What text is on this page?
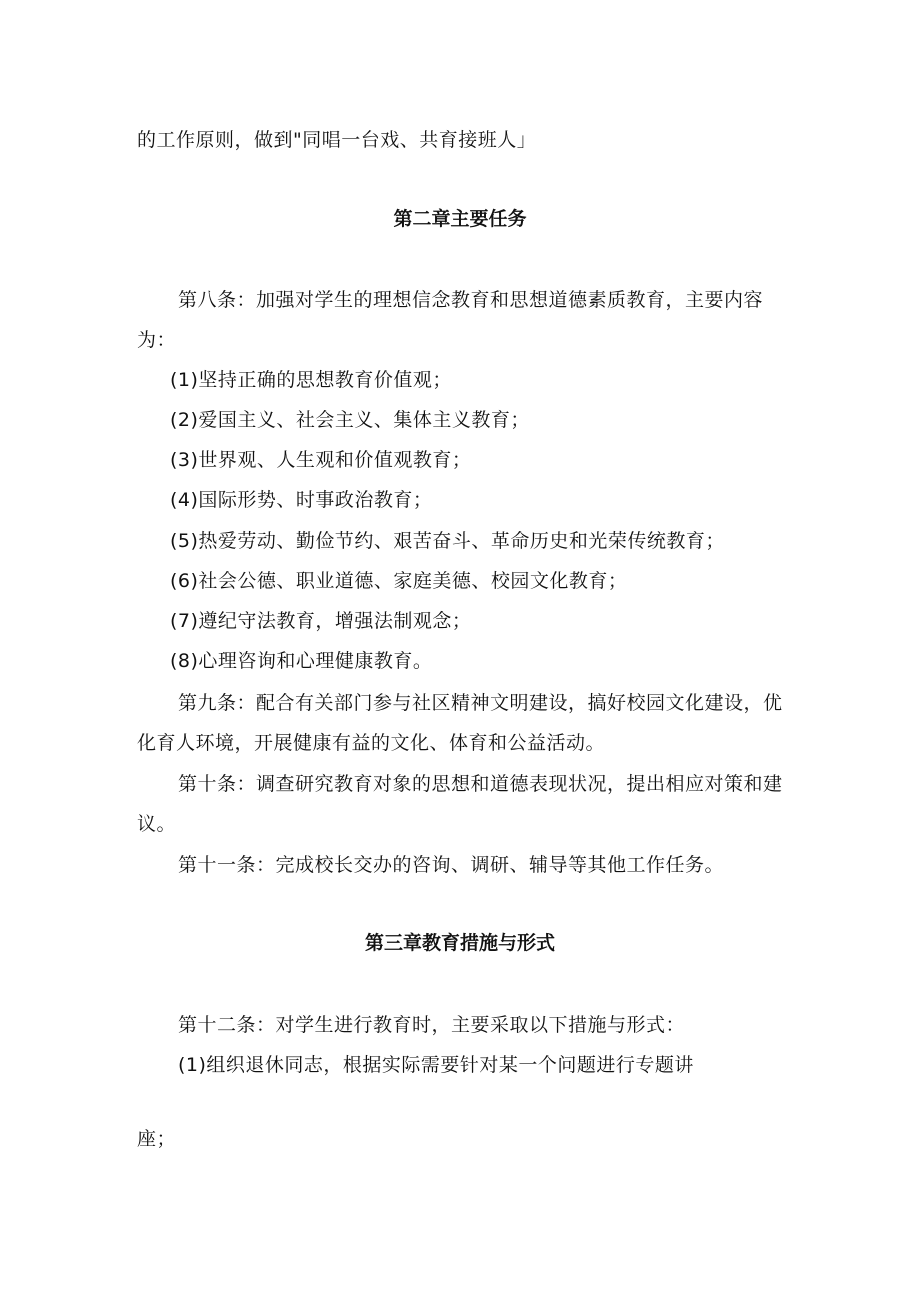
的工作原则，做到"同唱一台戏、共育接班人」
第二章主要任务
第八条：加强对学生的理想信念教育和思想道德素质教育，主要内容
为：
(1)坚持正确的思想教育价值观；
(2)爱国主义、社会主义、集体主义教育；
(3)世界观、人生观和价值观教育；
(4)国际形势、时事政治教育；
(5)热爱劳动、勤俭节约、艰苦奋斗、革命历史和光荣传统教育；
(6)社会公德、职业道德、家庭美德、校园文化教育；
(7)遵纪守法教育，增强法制观念；
(8)心理咨询和心理健康教育。
第九条：配合有关部门参与社区精神文明建设，搞好校园文化建设，优
化育人环境，开展健康有益的文化、体育和公益活动。
第十条：调查研究教育对象的思想和道德表现状况，提出相应对策和建
议。
第十一条：完成校长交办的咨询、调研、辅导等其他工作任务。
第三章教育措施与形式
第十二条：对学生进行教育时，主要采取以下措施与形式：
(1)组织退休同志，根据实际需要针对某一个问题进行专题讲
座；
